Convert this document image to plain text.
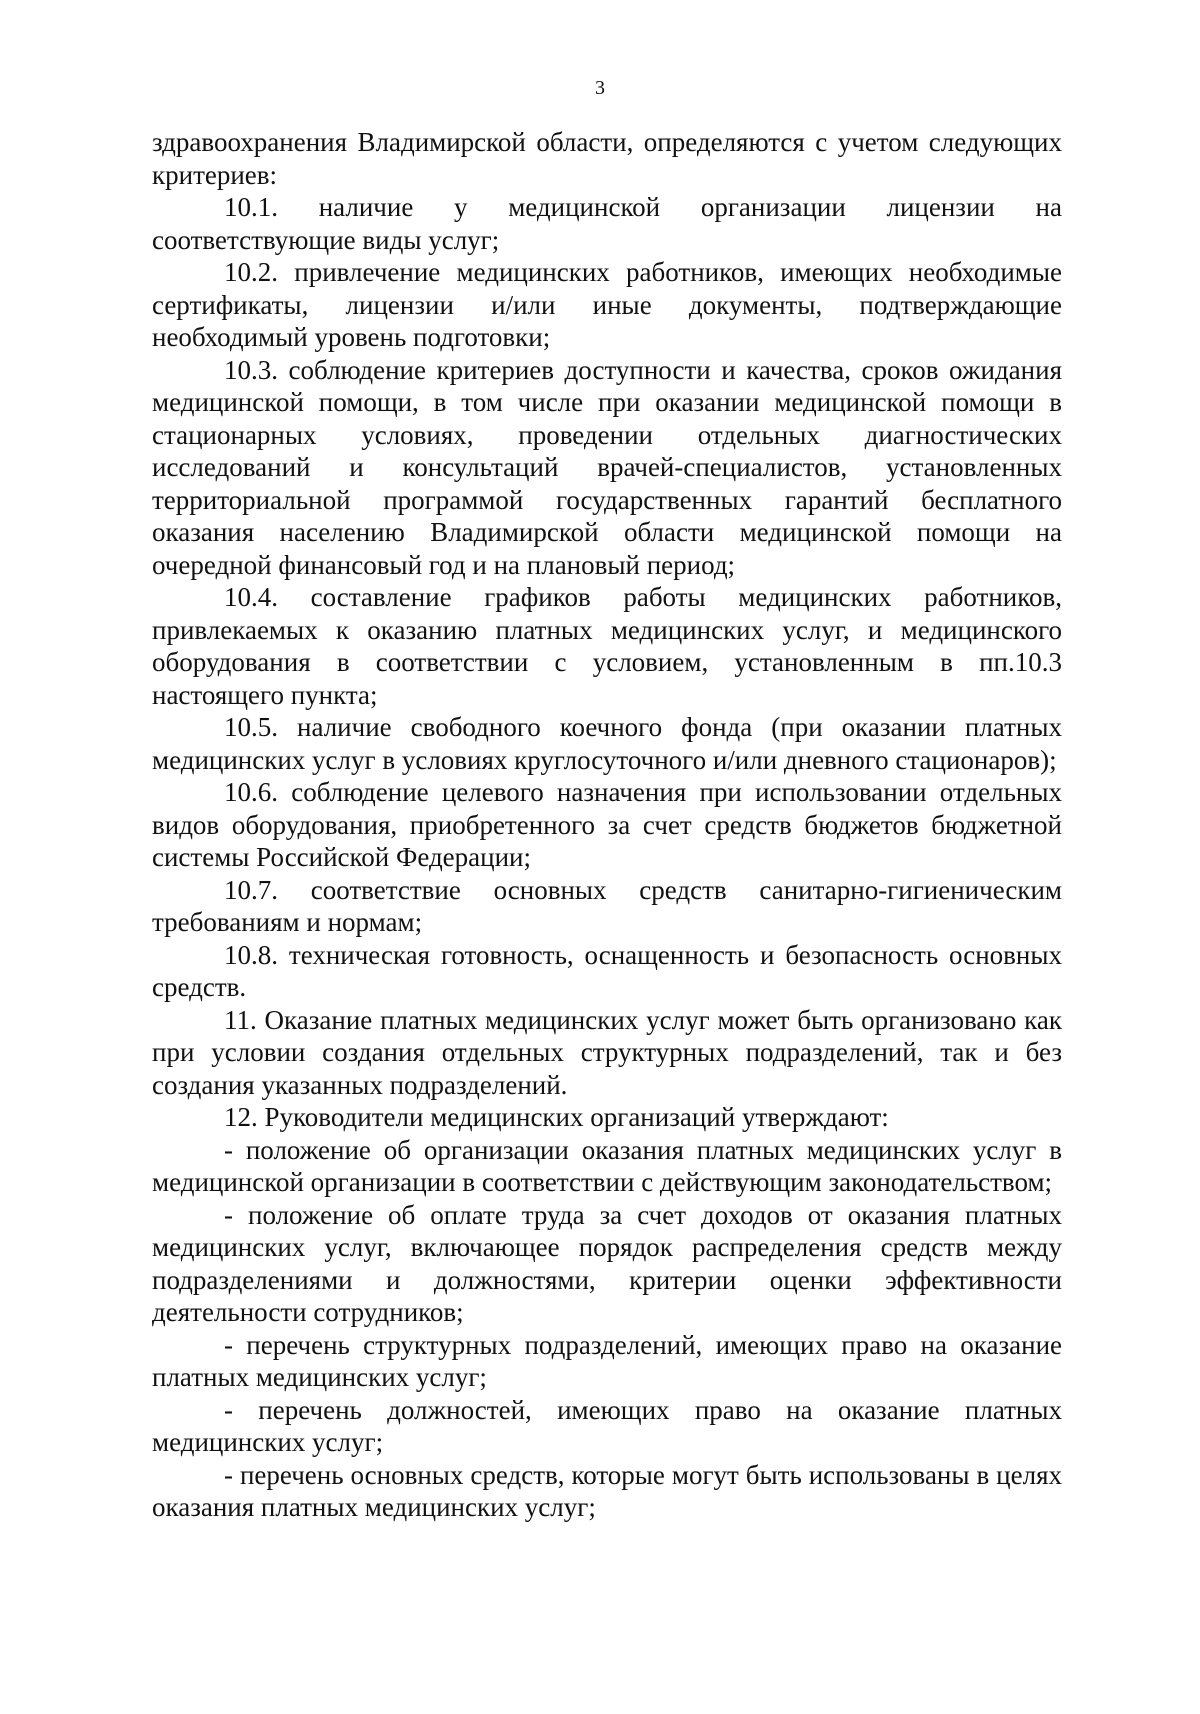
3

здравоохранения Владимирской области, определяются с учетом следующих критериев:

10.1. наличие у медицинской организации лицензии на соответствующие виды услуг;

10.2. привлечение медицинских работников, имеющих необходимые сертификаты, лицензии и/или иные документы, подтверждающие необходимый уровень подготовки;

10.3. соблюдение критериев доступности и качества, сроков ожидания медицинской помощи, в том числе при оказании медицинской помощи в стационарных условиях, проведении отдельных диагностических исследований и консультаций врачей-специалистов, установленных территориальной программой государственных гарантий бесплатного оказания населению Владимирской области медицинской помощи на очередной финансовый год и на плановый период;

10.4. составление графиков работы медицинских работников, привлекаемых к оказанию платных медицинских услуг, и медицинского оборудования в соответствии с условием, установленным в пп.10.3 настоящего пункта;

10.5. наличие свободного коечного фонда (при оказании платных медицинских услуг в условиях круглосуточного и/или дневного стационаров);

10.6. соблюдение целевого назначения при использовании отдельных видов оборудования, приобретенного за счет средств бюджетов бюджетной системы Российской Федерации;

10.7. соответствие основных средств санитарно-гигиеническим требованиям и нормам;

10.8. техническая готовность, оснащенность и безопасность основных средств.

11. Оказание платных медицинских услуг может быть организовано как при условии создания отдельных структурных подразделений, так и без создания указанных подразделений.

12. Руководители медицинских организаций утверждают:

- положение об организации оказания платных медицинских услуг в медицинской организации в соответствии с действующим законодательством;

- положение об оплате труда за счет доходов от оказания платных медицинских услуг, включающее порядок распределения средств между подразделениями и должностями, критерии оценки эффективности деятельности сотрудников;

- перечень структурных подразделений, имеющих право на оказание платных медицинских услуг;

- перечень должностей, имеющих право на оказание платных медицинских услуг;

- перечень основных средств, которые могут быть использованы в целях оказания платных медицинских услуг;
